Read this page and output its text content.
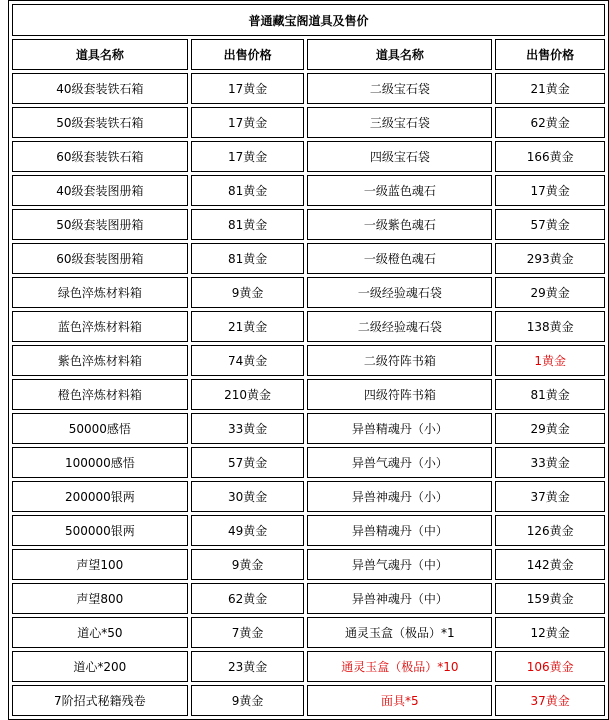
普通藏宝阁道具及售价			
道具名称	出售价格	道具名称	出售价格
40级套装铁石箱	17黄金	二级宝石袋	21黄金
50级套装铁石箱	17黄金	三级宝石袋	62黄金
60级套装铁石箱	17黄金	四级宝石袋	166黄金
40级套装图册箱	81黄金	一级蓝色魂石	17黄金
50级套装图册箱	81黄金	一级紫色魂石	57黄金
60级套装图册箱	81黄金	一级橙色魂石	293黄金
绿色淬炼材料箱	9黄金	一级经验魂石袋	29黄金
蓝色淬炼材料箱	21黄金	二级经验魂石袋	138黄金
紫色淬炼材料箱	74黄金	二级符阵书箱	1黄金
橙色淬炼材料箱	210黄金	四级符阵书箱	81黄金
50000感悟	33黄金	异兽精魂丹（小）	29黄金
100000感悟	57黄金	异兽气魂丹（小）	33黄金
200000银两	30黄金	异兽神魂丹（小）	37黄金
500000银两	49黄金	异兽精魂丹（中）	126黄金
声望100	9黄金	异兽气魂丹（中）	142黄金
声望800	62黄金	异兽神魂丹（中）	159黄金
道心*50	7黄金	通灵玉盒（极品）*1	12黄金
道心*200	23黄金	通灵玉盒（极品）*10	106黄金
7阶招式秘籍残卷	9黄金	面具*5	37黄金
